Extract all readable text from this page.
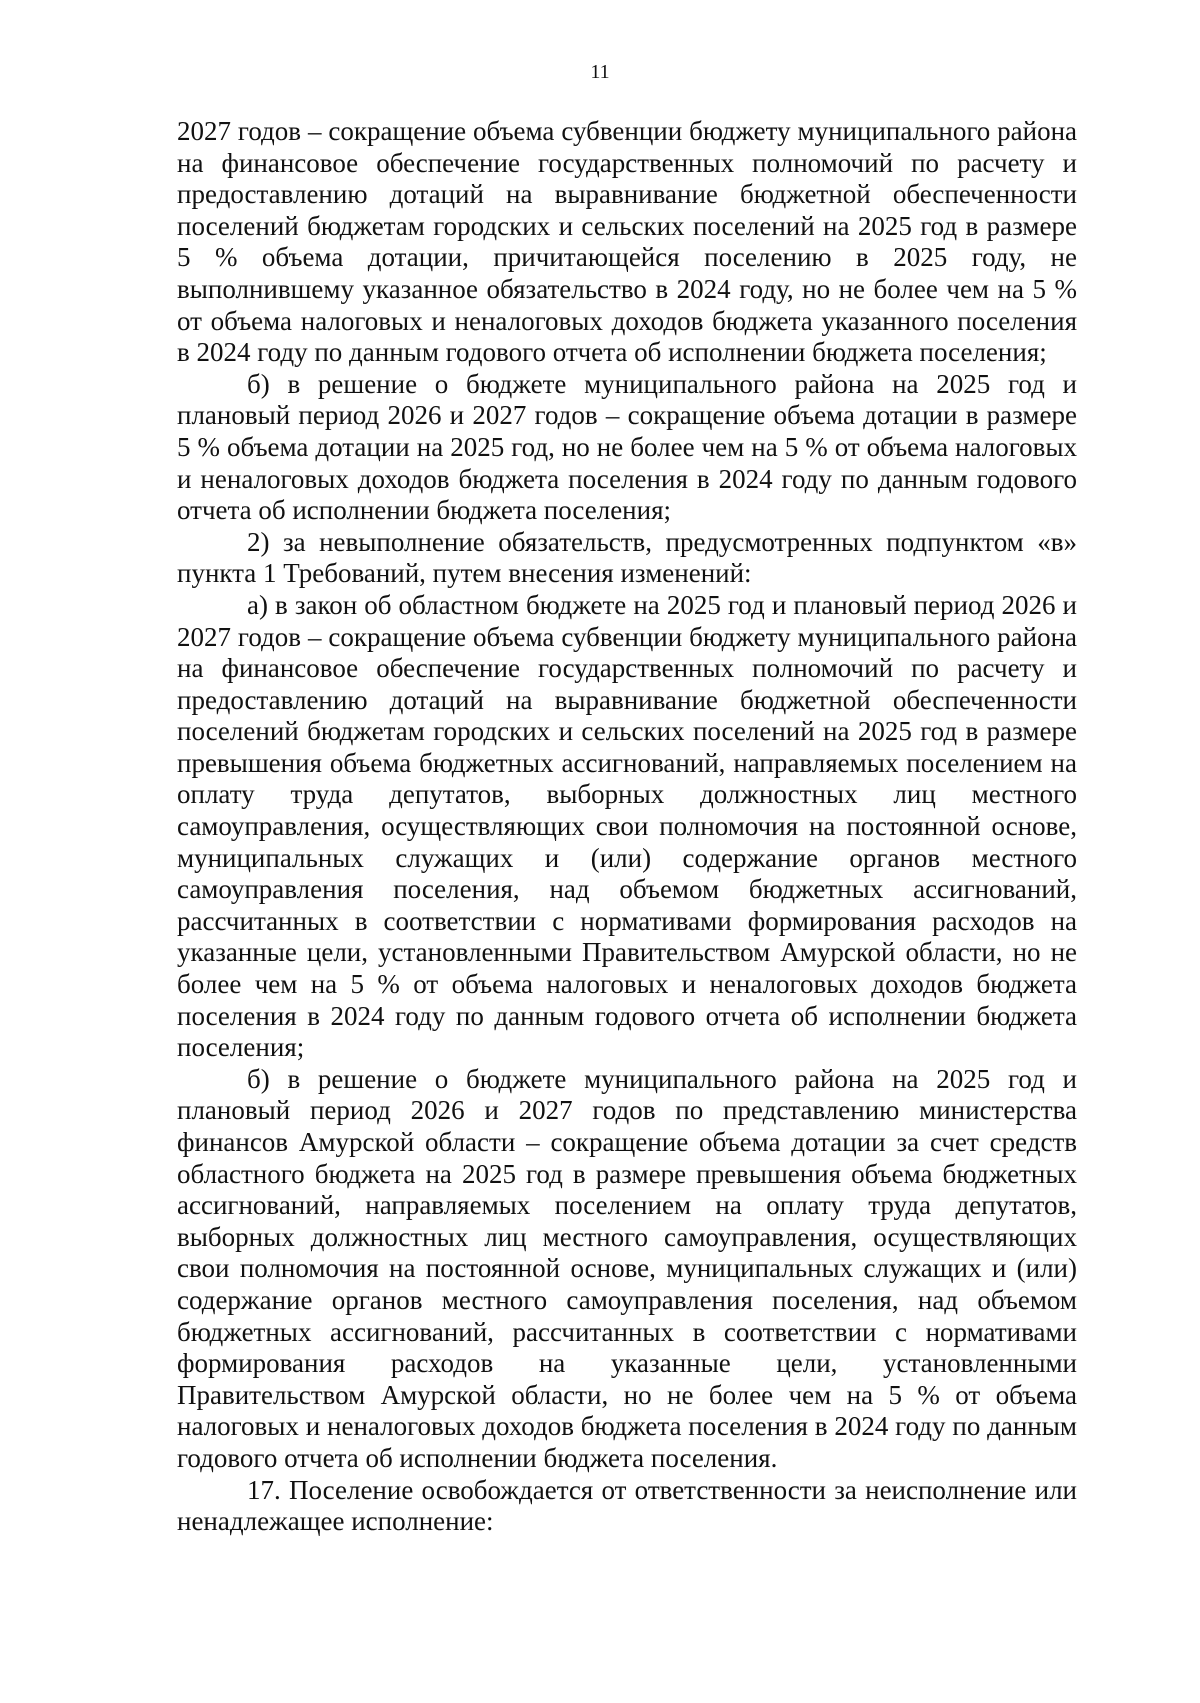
11

2027 годов – сокращение объема субвенции бюджету муниципального района на финансовое обеспечение государственных полномочий по расчету и предоставлению дотаций на выравнивание бюджетной обеспеченности поселений бюджетам городских и сельских поселений на 2025 год в размере 5 % объема дотации, причитающейся поселению в 2025 году, не выполнившему указанное обязательство в 2024 году, но не более чем на 5 % от объема налоговых и неналоговых доходов бюджета указанного поселения в 2024 году по данным годового отчета об исполнении бюджета поселения;

б) в решение о бюджете муниципального района на 2025 год и плановый период 2026 и 2027 годов – сокращение объема дотации в размере 5 % объема дотации на 2025 год, но не более чем на 5 % от объема налоговых и неналоговых доходов бюджета поселения в 2024 году по данным годового отчета об исполнении бюджета поселения;

2) за невыполнение обязательств, предусмотренных подпунктом «в» пункта 1 Требований, путем внесения изменений:

а) в закон об областном бюджете на 2025 год и плановый период 2026 и 2027 годов – сокращение объема субвенции бюджету муниципального района на финансовое обеспечение государственных полномочий по расчету и предоставлению дотаций на выравнивание бюджетной обеспеченности поселений бюджетам городских и сельских поселений на 2025 год в размере превышения объема бюджетных ассигнований, направляемых поселением на оплату труда депутатов, выборных должностных лиц местного самоуправления, осуществляющих свои полномочия на постоянной основе, муниципальных служащих и (или) содержание органов местного самоуправления поселения, над объемом бюджетных ассигнований, рассчитанных в соответствии с нормативами формирования расходов на указанные цели, установленными Правительством Амурской области, но не более чем на 5 % от объема налоговых и неналоговых доходов бюджета поселения в 2024 году по данным годового отчета об исполнении бюджета поселения;

б) в решение о бюджете муниципального района на 2025 год и плановый период 2026 и 2027 годов по представлению министерства финансов Амурской области – сокращение объема дотации за счет средств областного бюджета на 2025 год в размере превышения объема бюджетных ассигнований, направляемых поселением на оплату труда депутатов, выборных должностных лиц местного самоуправления, осуществляющих свои полномочия на постоянной основе, муниципальных служащих и (или) содержание органов местного самоуправления поселения, над объемом бюджетных ассигнований, рассчитанных в соответствии с нормативами формирования расходов на указанные цели, установленными Правительством Амурской области, но не более чем на 5 % от объема налоговых и неналоговых доходов бюджета поселения в 2024 году по данным годового отчета об исполнении бюджета поселения.

17. Поселение освобождается от ответственности за неисполнение или ненадлежащее исполнение:
